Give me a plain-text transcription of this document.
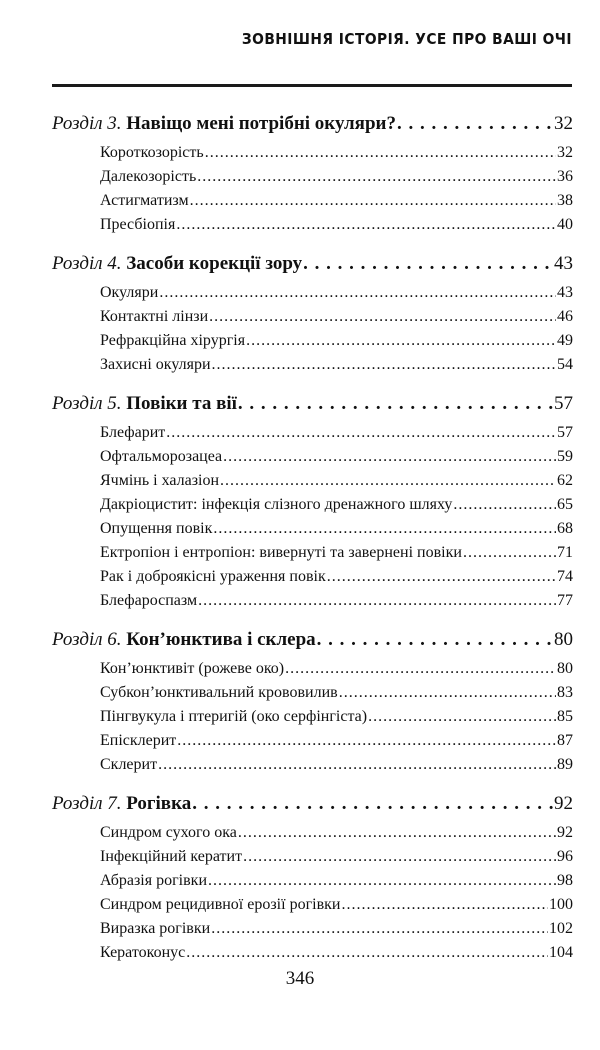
ЗОВНІШНЯ ІСТОРІЯ. УСЕ ПРО ВАШІ ОЧІ
Розділ 3.
Навіщо мені потрібні окуляри? . . .	32
Короткозорість .....	32
Далекозорість .....	36
Астигматизм .....	38
Пресбіопія .....	40
Розділ 4.
Засоби корекції зору . . .	43
Окуляри .....	43
Контактні лінзи .....	46
Рефракційна хірургія .....	49
Захисні окуляри .....	54
Розділ 5.
Повіки та вії . . .	57
Блефарит .....	57
Офтальморозацеа .....	59
Ячмінь і халазіон .....	62
Дакріоцистит: інфекція слізного дренажного шляху .....	65
Опущення повік .....	68
Ектропіон і ентропіон: вивернуті та завернені повіки .....	71
Рак і доброякісні ураження повік .....	74
Блефароспазм .....	77
Розділ 6.
Кон’юнктива і склера . . .	80
Кон’юнктивіт (рожеве око) .....	80
Субкон’юнктивальний крововилив .....	83
Пінгвукула і птеригій (око серфінгіста) .....	85
Епісклерит .....	87
Склерит .....	89
Розділ 7.
Рогівка . . .	92
Синдром сухого ока .....	92
Інфекційний кератит .....	96
Абразія рогівки .....	98
Синдром рецидивної ерозії рогівки .....	100
Виразка рогівки .....	102
Кератоконус .....	104
346
